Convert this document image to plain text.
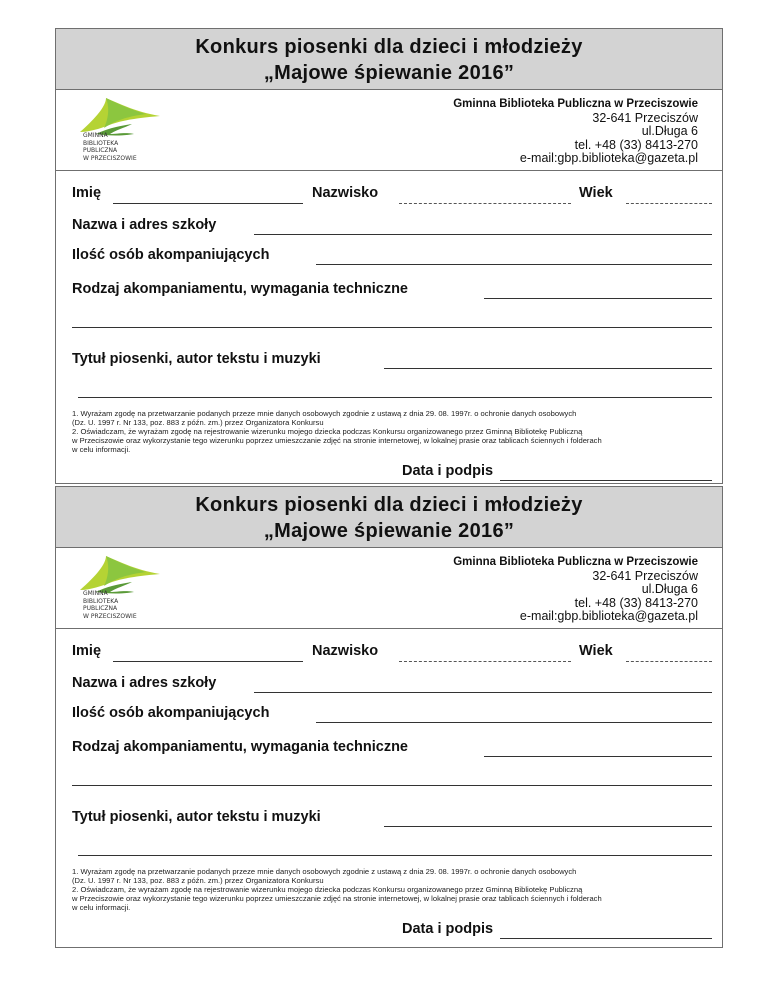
Konkurs piosenki dla dzieci i młodzieży
„Majowe śpiewanie 2016”
GMINNA
BIBLIOTEKA
PUBLICZNA
W PRZECISZOWIE
Gminna Biblioteka Publiczna w Przeciszowie
32-641 Przeciszów
ul.Długa 6
tel. +48 (33) 8413-270
e-mail:gbp.biblioteka@gazeta.pl
Imię	Nazwisko	Wiek
Nazwa i adres szkoły
Ilość osób akompaniujących
Rodzaj akompaniamentu, wymagania techniczne
Tytuł piosenki, autor tekstu i muzyki
1. Wyrażam zgodę na przetwarzanie podanych przeze mnie danych osobowych zgodnie z ustawą z dnia 29. 08. 1997r. o ochronie danych osobowych
(Dz. U. 1997 r. Nr 133, poz. 883 z późn. zm.) przez Organizatora Konkursu
2. Oświadczam, że wyrażam zgodę na rejestrowanie wizerunku mojego dziecka podczas Konkursu organizowanego przez Gminną Bibliotekę Publiczną
w Przeciszowie oraz wykorzystanie tego wizerunku poprzez umieszczanie zdjęć na stronie internetowej, w lokalnej prasie oraz tablicach ściennych i folderach
w celu informacji.
Data i podpis
Konkurs piosenki dla dzieci i młodzieży
„Majowe śpiewanie 2016”
GMINNA
BIBLIOTEKA
PUBLICZNA
W PRZECISZOWIE
Gminna Biblioteka Publiczna w Przeciszowie
32-641 Przeciszów
ul.Długa 6
tel. +48 (33) 8413-270
e-mail:gbp.biblioteka@gazeta.pl
Imię	Nazwisko	Wiek
Nazwa i adres szkoły
Ilość osób akompaniujących
Rodzaj akompaniamentu, wymagania techniczne
Tytuł piosenki, autor tekstu i muzyki
1. Wyrażam zgodę na przetwarzanie podanych przeze mnie danych osobowych zgodnie z ustawą z dnia 29. 08. 1997r. o ochronie danych osobowych
(Dz. U. 1997 r. Nr 133, poz. 883 z późn. zm.) przez Organizatora Konkursu
2. Oświadczam, że wyrażam zgodę na rejestrowanie wizerunku mojego dziecka podczas Konkursu organizowanego przez Gminną Bibliotekę Publiczną
w Przeciszowie oraz wykorzystanie tego wizerunku poprzez umieszczanie zdjęć na stronie internetowej, w lokalnej prasie oraz tablicach ściennych i folderach
w celu informacji.
Data i podpis
